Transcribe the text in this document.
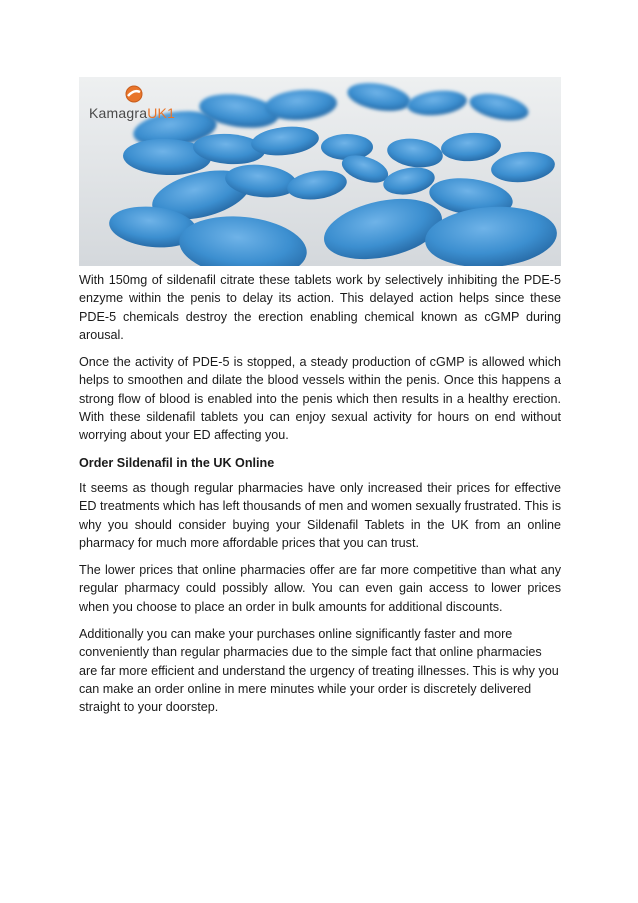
KamagraUK1

With 150mg of sildenafil citrate these tablets work by selectively inhibiting the PDE-5 enzyme within the penis to delay its action. This delayed action helps since these PDE-5 chemicals destroy the erection enabling chemical known as cGMP during arousal.

Once the activity of PDE-5 is stopped, a steady production of cGMP is allowed which helps to smoothen and dilate the blood vessels within the penis. Once this happens a strong flow of blood is enabled into the penis which then results in a healthy erection. With these sildenafil tablets you can enjoy sexual activity for hours on end without worrying about your ED affecting you.

Order Sildenafil in the UK Online

It seems as though regular pharmacies have only increased their prices for effective ED treatments which has left thousands of men and women sexually frustrated. This is why you should consider buying your Sildenafil Tablets in the UK from an online pharmacy for much more affordable prices that you can trust.

The lower prices that online pharmacies offer are far more competitive than what any regular pharmacy could possibly allow. You can even gain access to lower prices when you choose to place an order in bulk amounts for additional discounts.

Additionally you can make your purchases online significantly faster and more conveniently than regular pharmacies due to the simple fact that online pharmacies are far more efficient and understand the urgency of treating illnesses. This is why you can make an order online in mere minutes while your order is discretely delivered straight to your doorstep.
